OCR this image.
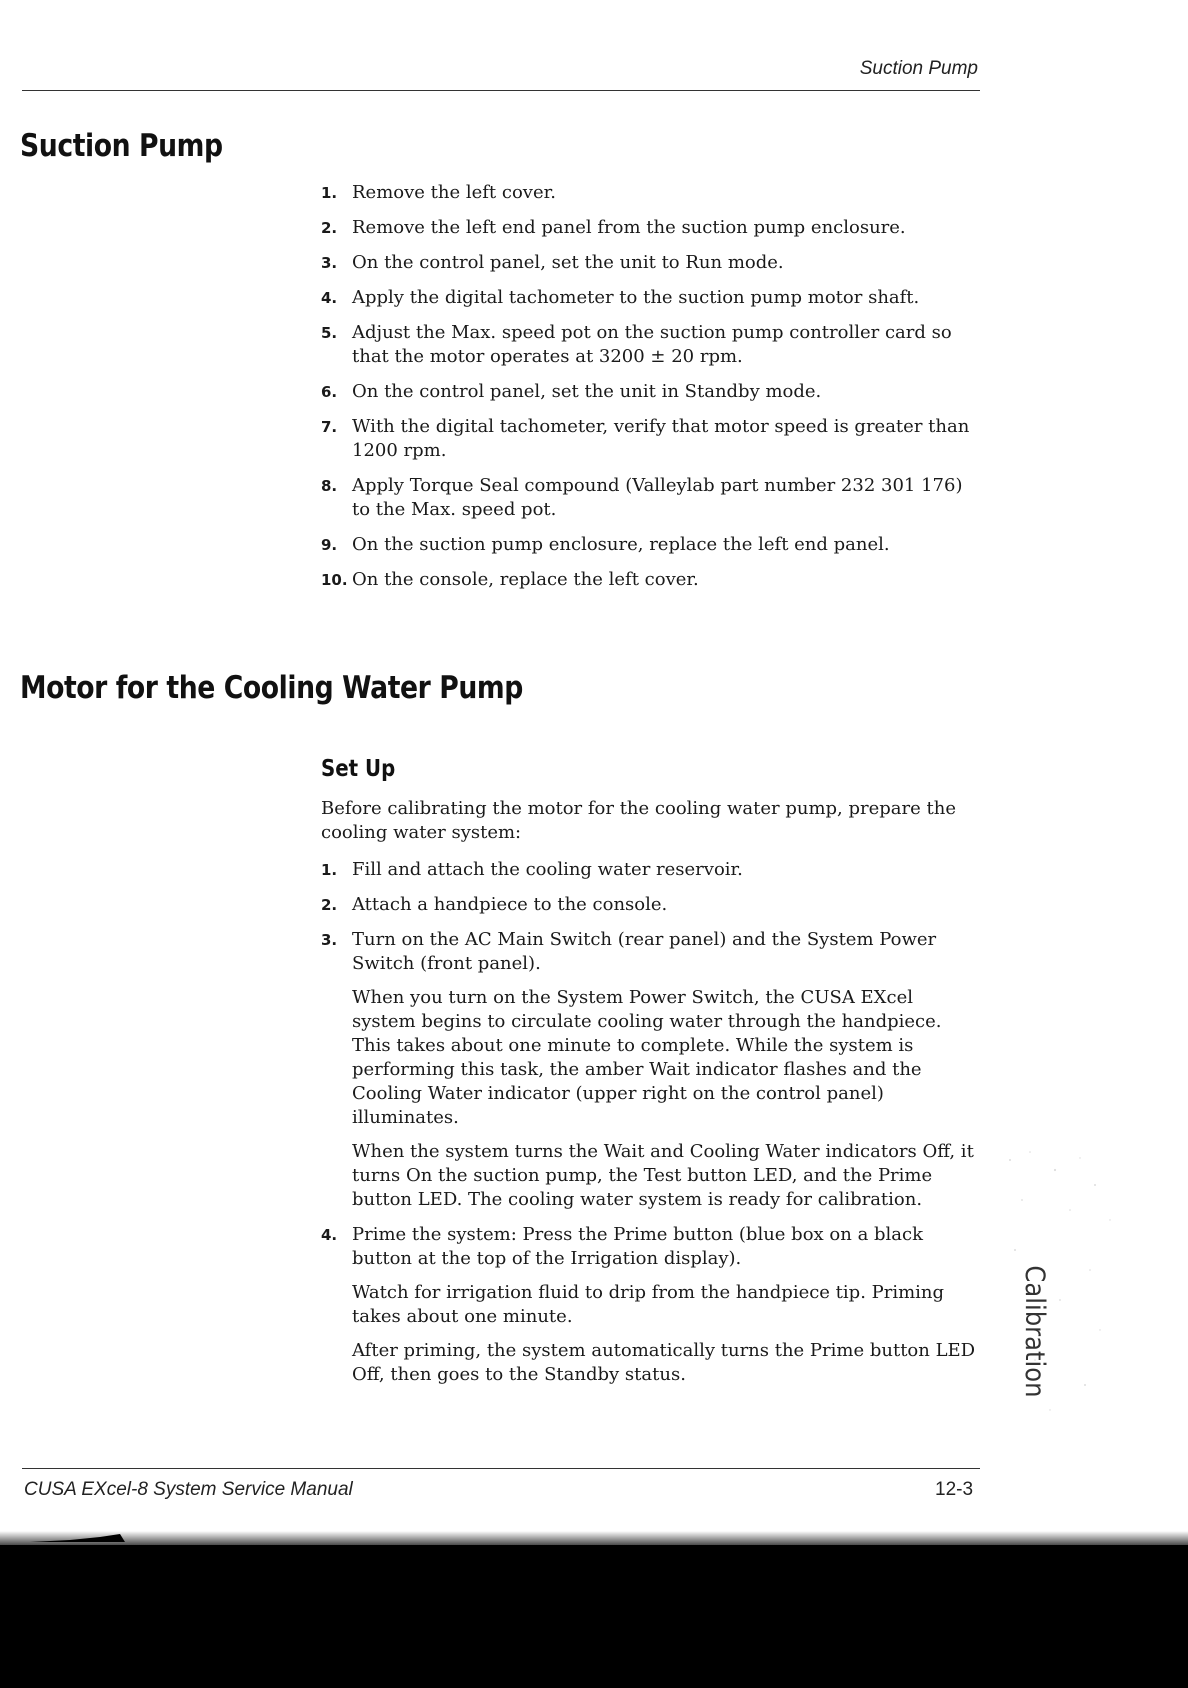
Suction Pump
Suction Pump
1. Remove the left cover.
2. Remove the left end panel from the suction pump enclosure.
3. On the control panel, set the unit to Run mode.
4. Apply the digital tachometer to the suction pump motor shaft.
5. Adjust the Max. speed pot on the suction pump controller card so that the motor operates at 3200 ± 20 rpm.
6. On the control panel, set the unit in Standby mode.
7. With the digital tachometer, verify that motor speed is greater than 1200 rpm.
8. Apply Torque Seal compound (Valleylab part number 232 301 176) to the Max. speed pot.
9. On the suction pump enclosure, replace the left end panel.
10. On the console, replace the left cover.
Motor for the Cooling Water Pump
Set Up

Before calibrating the motor for the cooling water pump, prepare the cooling water system:

1. Fill and attach the cooling water reservoir.
2. Attach a handpiece to the console.
3. Turn on the AC Main Switch (rear panel) and the System Power Switch (front panel).

When you turn on the System Power Switch, the CUSA EXcel system begins to circulate cooling water through the handpiece. This takes about one minute to complete. While the system is performing this task, the amber Wait indicator flashes and the Cooling Water indicator (upper right on the control panel) illuminates.

When the system turns the Wait and Cooling Water indicators Off, it turns On the suction pump, the Test button LED, and the Prime button LED. The cooling water system is ready for calibration.

4. Prime the system: Press the Prime button (blue box on a black button at the top of the Irrigation display).

Watch for irrigation fluid to drip from the handpiece tip. Priming takes about one minute.

After priming, the system automatically turns the Prime button LED Off, then goes to the Standby status.	Calibration
CUSA EXcel-8 System Service Manual	12-3
